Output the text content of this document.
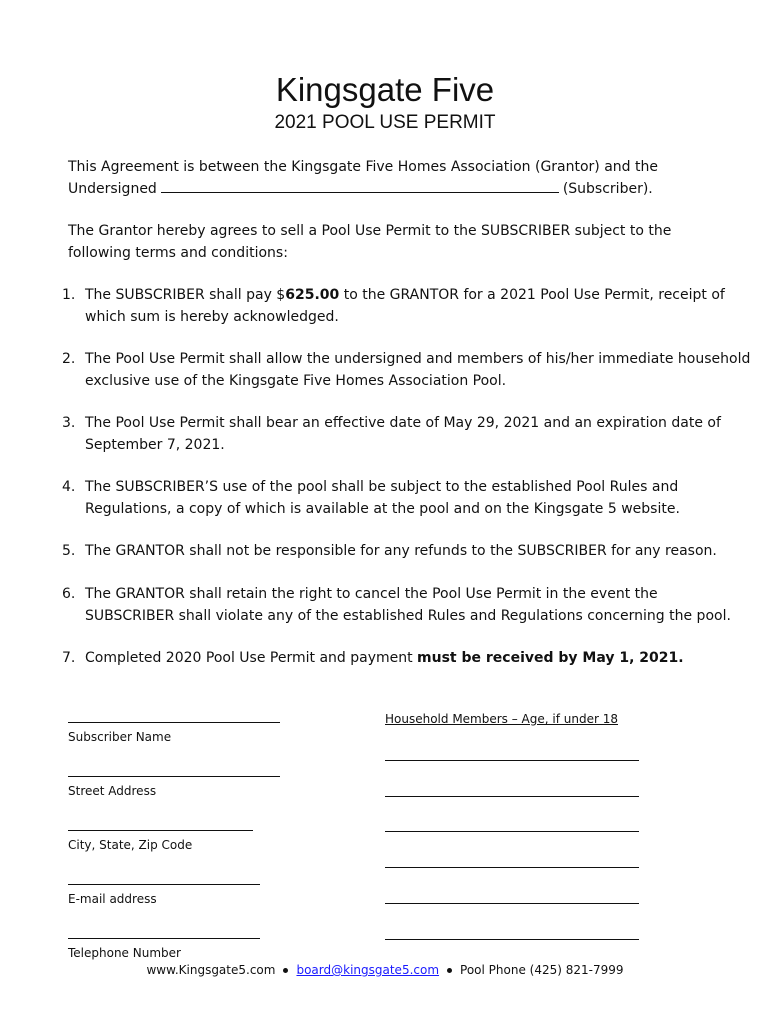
Kingsgate Five
2021 POOL USE PERMIT

This Agreement is between the Kingsgate Five Homes Association (Grantor) and the
Undersigned	(Subscriber).

The Grantor hereby agrees to sell a Pool Use Permit to the SUBSCRIBER subject to the
following terms and conditions:

1. The SUBSCRIBER shall pay $625.00 to the GRANTOR for a 2021 Pool Use Permit, receipt of
which sum is hereby acknowledged.
2. The Pool Use Permit shall allow the undersigned and members of his/her immediate household
exclusive use of the Kingsgate Five Homes Association Pool.
3. The Pool Use Permit shall bear an effective date of May 29, 2021 and an expiration date of
September 7, 2021.
4. The SUBSCRIBER’S use of the pool shall be subject to the established Pool Rules and
Regulations, a copy of which is available at the pool and on the Kingsgate 5 website.
5. The GRANTOR shall not be responsible for any refunds to the SUBSCRIBER for any reason.
6. The GRANTOR shall retain the right to cancel the Pool Use Permit in the event the
SUBSCRIBER shall violate any of the established Rules and Regulations concerning the pool.
7. Completed 2020 Pool Use Permit and payment must be received by May 1, 2021.
Subscriber Name
Street Address
City, State, Zip Code
E-mail address
Telephone Number
Household Members – Age, if under 18
www.Kingsgate5.com board@kingsgate5.com Pool Phone (425) 821-7999
